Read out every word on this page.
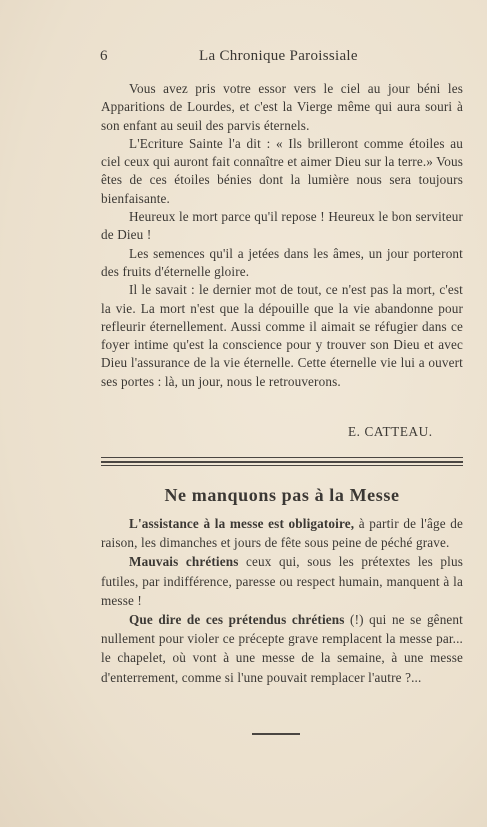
6	La Chronique Paroissiale

Vous avez pris votre essor vers le ciel au jour béni les Apparitions de Lourdes, et c'est la Vierge même qui aura souri à son enfant au seuil des parvis éternels.

L'Ecriture Sainte l'a dit : « Ils brilleront comme étoiles au ciel ceux qui auront fait connaître et aimer Dieu sur la terre.» Vous êtes de ces étoiles bénies dont la lumière nous sera toujours bienfaisante.

Heureux le mort parce qu'il repose ! Heureux le bon serviteur de Dieu !

Les semences qu'il a jetées dans les âmes, un jour porteront des fruits d'éternelle gloire.

Il le savait : le dernier mot de tout, ce n'est pas la mort, c'est la vie. La mort n'est que la dépouille que la vie abandonne pour refleurir éternellement. Aussi comme il aimait se réfugier dans ce foyer intime qu'est la conscience pour y trouver son Dieu et avec Dieu l'assurance de la vie éternelle. Cette éternelle vie lui a ouvert ses portes : là, un jour, nous le retrouverons.

E. CATTEAU.
Ne manquons pas à la Messe

L'assistance à la messe est obligatoire, à partir de l'âge de raison, les dimanches et jours de fête sous peine de péché grave.

Mauvais chrétiens ceux qui, sous les prétextes les plus futiles, par indifférence, paresse ou respect humain, manquent à la messe !

Que dire de ces prétendus chrétiens (!) qui ne se gênent nullement pour violer ce précepte grave remplacent la messe par... le chapelet, où vont à une messe de la semaine, à une messe d'enterrement, comme si l'une pouvait remplacer l'autre ?...
